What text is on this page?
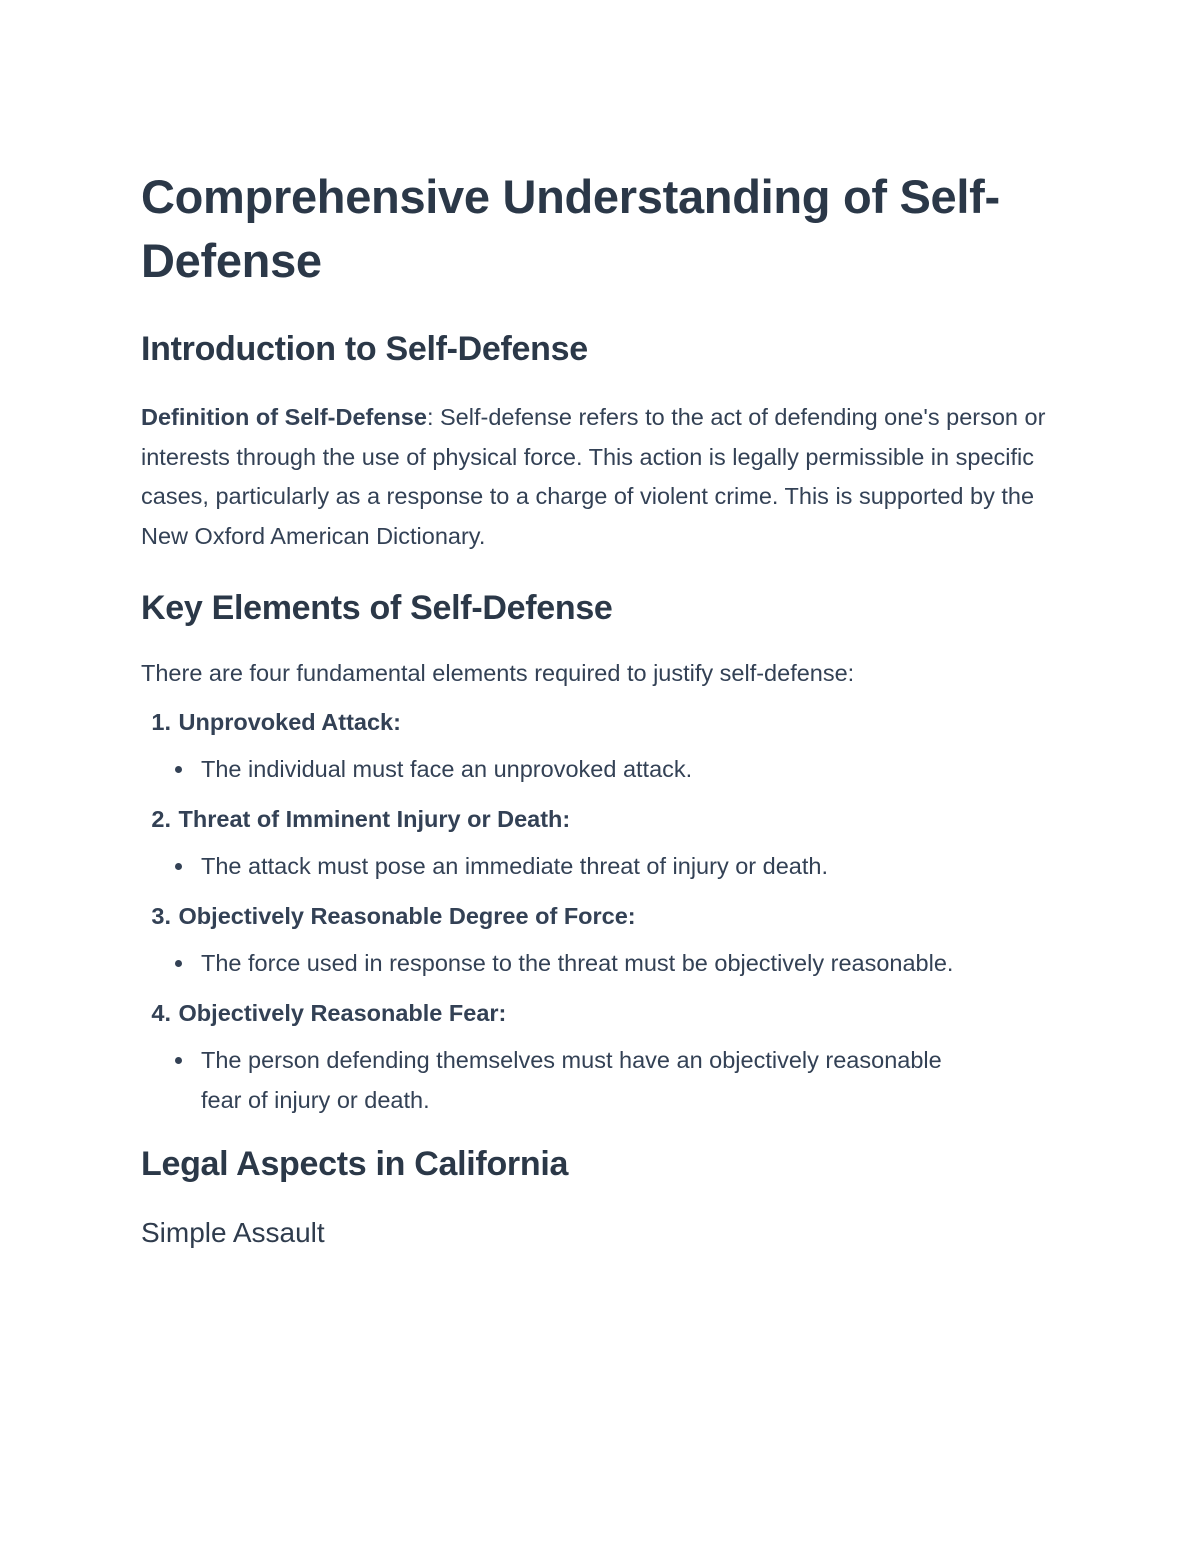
Comprehensive Understanding of Self-Defense
Introduction to Self-Defense

Definition of Self-Defense: Self-defense refers to the act of defending one's person or interests through the use of physical force. This action is legally permissible in specific cases, particularly as a response to a charge of violent crime. This is supported by the New Oxford American Dictionary.

Key Elements of Self-Defense

There are four fundamental elements required to justify self-defense:

1.
Unprovoked Attack:
The individual must face an unprovoked attack.
2.
Threat of Imminent Injury or Death:
The attack must pose an immediate threat of injury or death.
3.
Objectively Reasonable Degree of Force:
The force used in response to the threat must be objectively reasonable.
4.
Objectively Reasonable Fear:
The person defending themselves must have an objectively reasonable fear of injury or death.
Legal Aspects in California
Simple Assault
